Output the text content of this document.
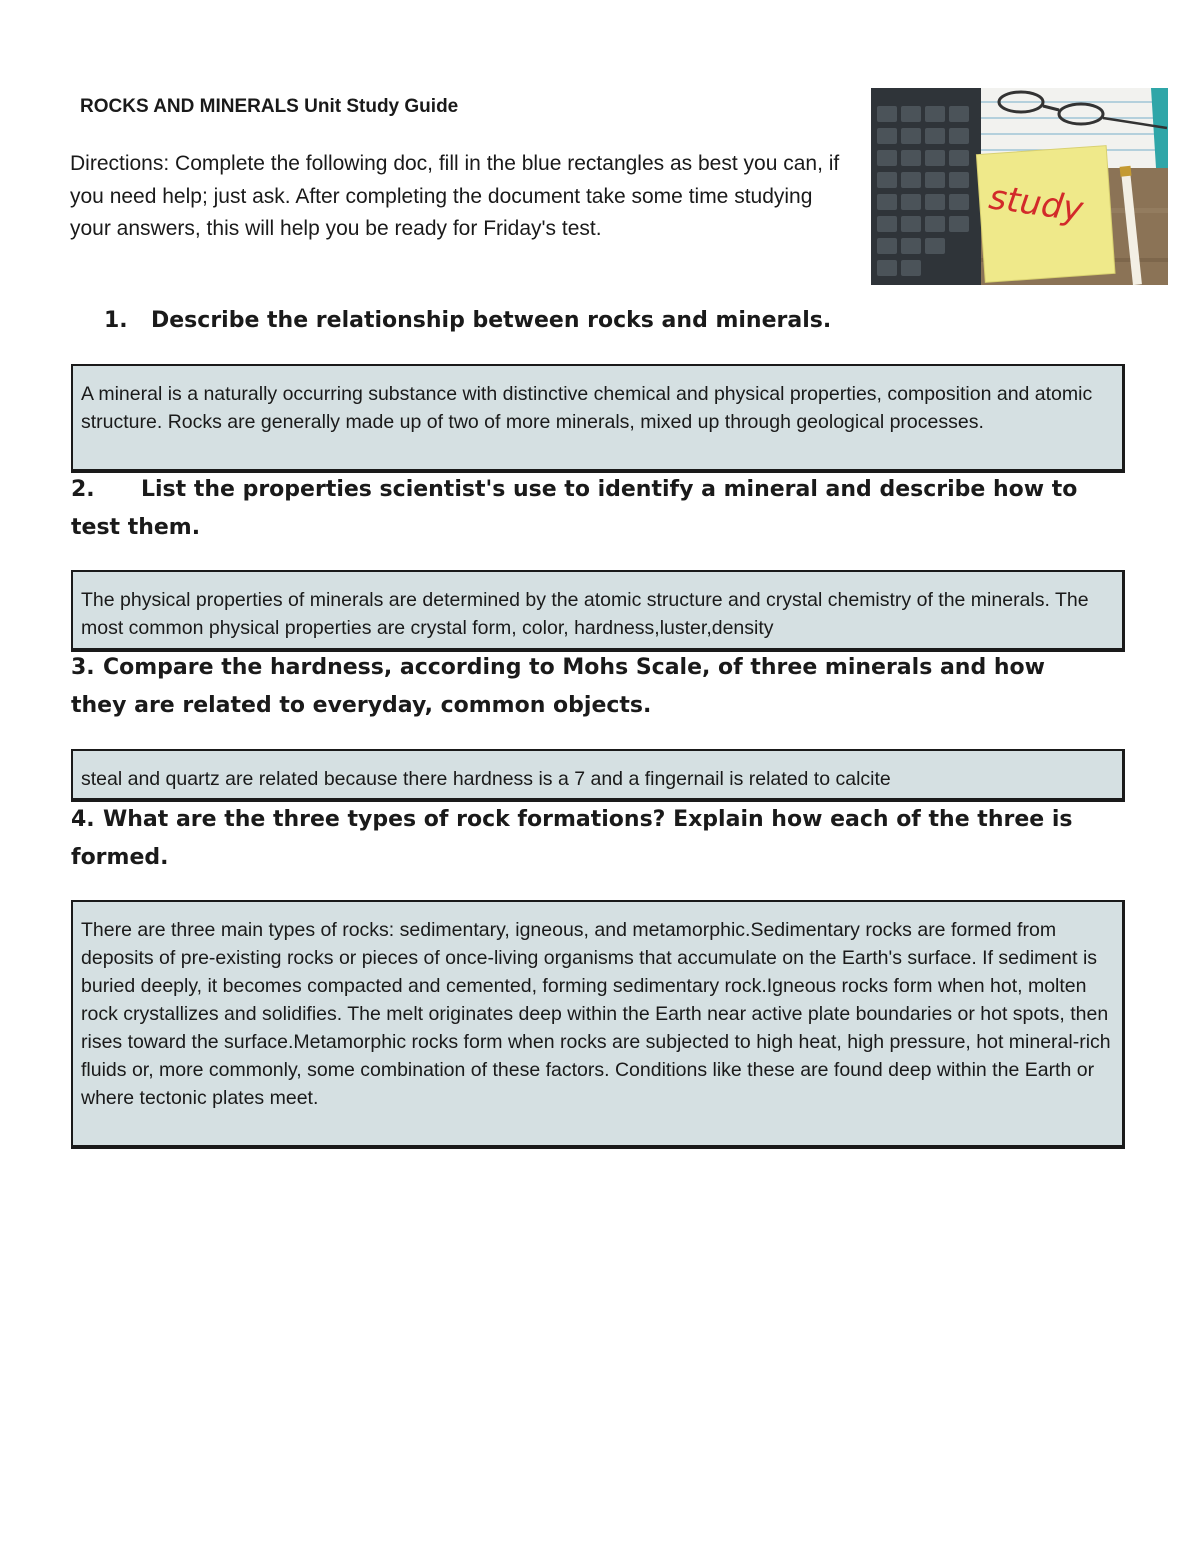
ROCKS AND MINERALS Unit Study Guide
Directions: Complete the following doc, fill in the blue rectangles as best you can, if you need help; just ask. After completing the document take some time studying your answers, this will help you be ready for Friday's test.	study
1. Describe the relationship between rocks and minerals.
A mineral is a naturally occurring substance with distinctive chemical and physical properties, composition and atomic structure. Rocks are generally made up of two of more minerals, mixed up through geological processes.
2. List the properties scientist's use to identify a mineral and describe how to test them.
The physical properties of minerals are determined by the atomic structure and crystal chemistry of the minerals. The most common physical properties are crystal form, color, hardness,luster,density
3. Compare the hardness, according to Mohs Scale, of three minerals and how they are related to everyday, common objects.
steal and quartz are related because there hardness is a 7 and a fingernail is related to calcite
4. What are the three types of rock formations? Explain how each of the three is formed.
There are three main types of rocks: sedimentary, igneous, and metamorphic.Sedimentary rocks are formed from deposits of pre-existing rocks or pieces of once-living organisms that accumulate on the Earth's surface. If sediment is buried deeply, it becomes compacted and cemented, forming sedimentary rock.Igneous rocks form when hot, molten rock crystallizes and solidifies. The melt originates deep within the Earth near active plate boundaries or hot spots, then rises toward the surface.Metamorphic rocks form when rocks are subjected to high heat, high pressure, hot mineral-rich fluids or, more commonly, some combination of these factors. Conditions like these are found deep within the Earth or where tectonic plates meet.
